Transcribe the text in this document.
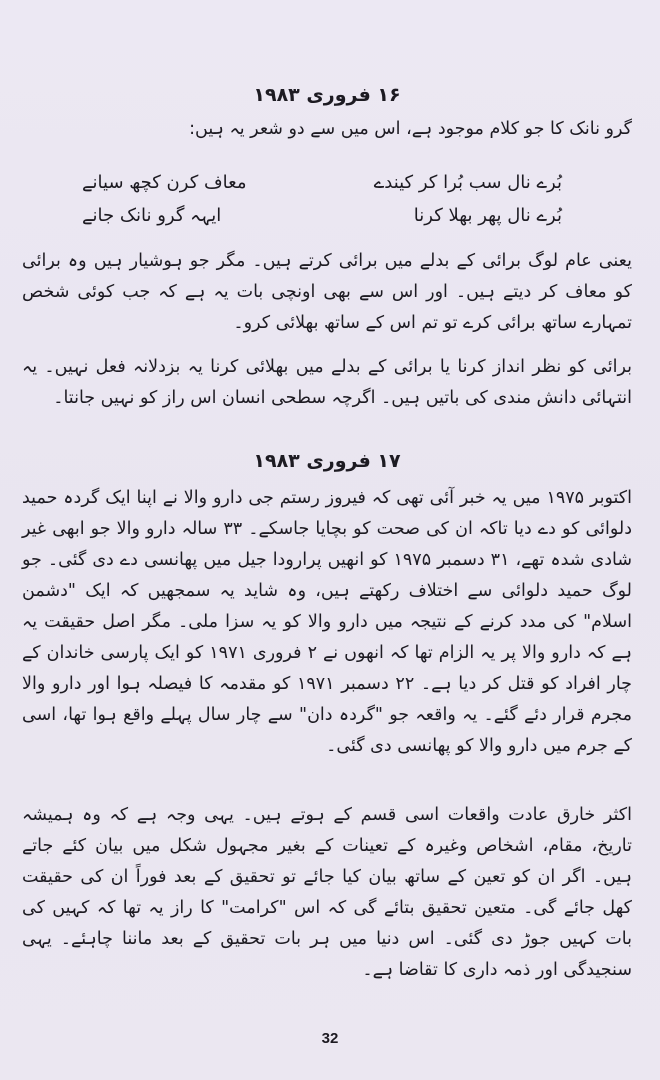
۱۶ فروری ۱۹۸۳
گرو نانک کا جو کلام موجود ہے، اس میں سے دو شعر یہ ہیں:
بُرے نال سب بُرا کر کیندے
معاف کرن کچھ سیانے
بُرے نال پھر بھلا کرنا
ایہہ گرو نانک جانے
یعنی عام لوگ برائی کے بدلے میں برائی کرتے ہیں۔ مگر جو ہوشیار ہیں وہ برائی کو معاف کر دیتے ہیں۔ اور اس سے بھی اونچی بات یہ ہے کہ جب کوئی شخص تمہارے ساتھ برائی کرے تو تم اس کے ساتھ بھلائی کرو۔
برائی کو نظر انداز کرنا یا برائی کے بدلے میں بھلائی کرنا یہ بزدلانہ فعل نہیں۔ یہ انتہائی دانش مندی کی باتیں ہیں۔ اگرچہ سطحی انسان اس راز کو نہیں جانتا۔
۱۷ فروری ۱۹۸۳
اکتوبر ۱۹۷۵ میں یہ خبر آئی تھی کہ فیروز رستم جی دارو والا نے اپنا ایک گردہ حمید دلوائی کو دے دیا تاکہ ان کی صحت کو بچایا جاسکے۔ ۳۳ سالہ دارو والا جو ابھی غیر شادی شدہ تھے، ۳۱ دسمبر ۱۹۷۵ کو انھیں پرارودا جیل میں پھانسی دے دی گئی۔ جو لوگ حمید دلوائی سے اختلاف رکھتے ہیں، وہ شاید یہ سمجھیں کہ ایک "دشمن اسلام" کی مدد کرنے کے نتیجہ میں دارو والا کو یہ سزا ملی۔ مگر اصل حقیقت یہ ہے کہ دارو والا پر یہ الزام تھا کہ انھوں نے ۲ فروری ۱۹۷۱ کو ایک پارسی خاندان کے چار افراد کو قتل کر دیا ہے۔ ۲۲ دسمبر ۱۹۷۱ کو مقدمہ کا فیصلہ ہوا اور دارو والا مجرم قرار دئے گئے۔ یہ واقعہ جو "گردہ دان" سے چار سال پہلے واقع ہوا تھا، اسی کے جرم میں دارو والا کو پھانسی دی گئی۔
اکثر خارق عادت واقعات اسی قسم کے ہوتے ہیں۔ یہی وجہ ہے کہ وہ ہمیشہ تاریخ، مقام، اشخاص وغیرہ کے تعینات کے بغیر مجہول شکل میں بیان کئے جاتے ہیں۔ اگر ان کو تعین کے ساتھ بیان کیا جائے تو تحقیق کے بعد فوراً ان کی حقیقت کھل جائے گی۔ متعین تحقیق بتائے گی کہ اس "کرامت" کا راز یہ تھا کہ کہیں کی بات کہیں جوڑ دی گئی۔ اس دنیا میں ہر بات تحقیق کے بعد ماننا چاہئے۔ یہی سنجیدگی اور ذمہ داری کا تقاضا ہے۔
32
